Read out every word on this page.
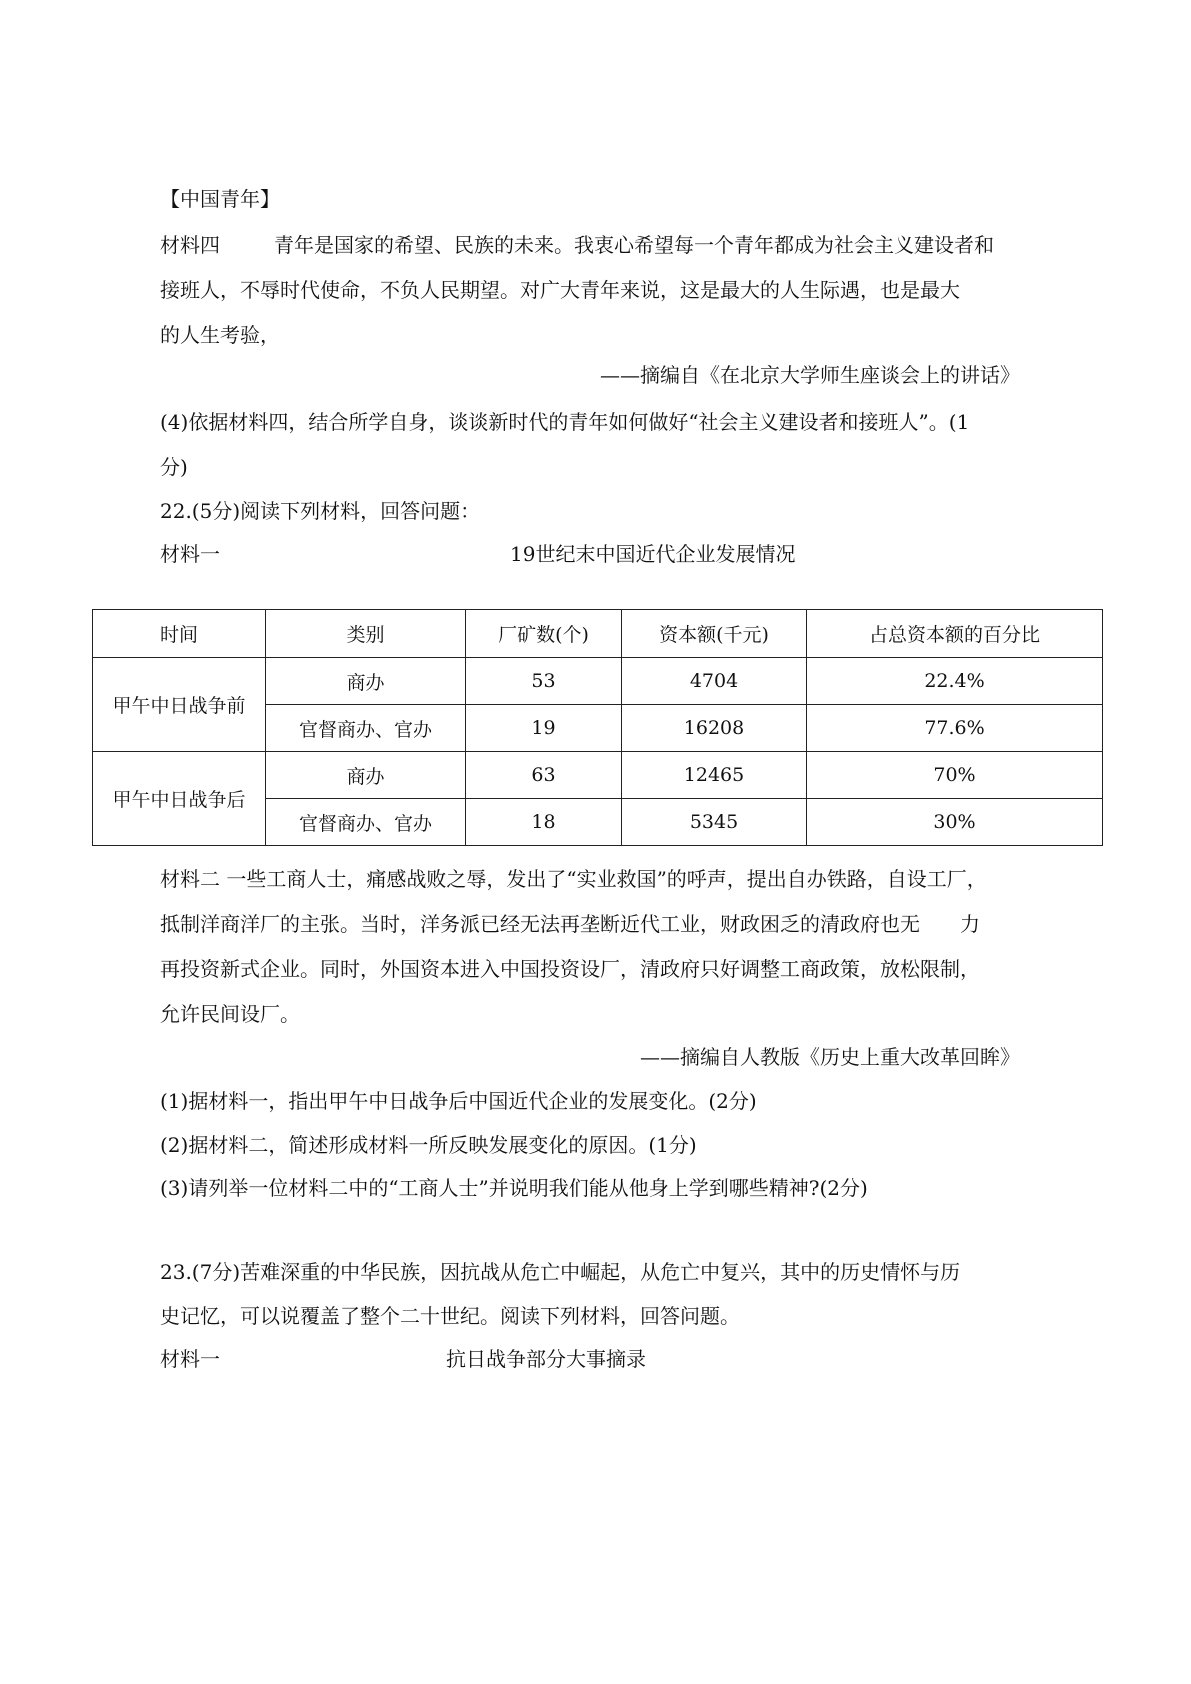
【中国青年】
材料四	青年是国家的希望、民族的未来。我衷心希望每一个青年都成为社会主义建设者和
接班人，不辱时代使命，不负人民期望。对广大青年来说，这是最大的人生际遇，也是最大
的人生考验，
——摘编自《在北京大学师生座谈会上的讲话》
(4)依据材料四，结合所学自身，谈谈新时代的青年如何做好“社会主义建设者和接班人”。(1
分)
22.(5分)阅读下列材料，回答问题：
材料一	19世纪末中国近代企业发展情况
时间	类别	厂矿数(个)	资本额(千元)	占总资本额的百分比
甲午中日战争前	商办	53	4704	22.4%
	官督商办、官办	19	16208	77.6%
甲午中日战争后	商办	63	12465	70%
	官督商办、官办	18	5345	30%
材料二 一些工商人士，痛感战败之辱，发出了“实业救国”的呼声，提出自办铁路，自设工厂，
抵制洋商洋厂的主张。当时，洋务派已经无法再垄断近代工业，财政困乏的清政府也无　　力
再投资新式企业。同时，外国资本进入中国投资设厂，清政府只好调整工商政策，放松限制，
允许民间设厂。
——摘编自人教版《历史上重大改革回眸》
(1)据材料一，指出甲午中日战争后中国近代企业的发展变化。(2分)
(2)据材料二，简述形成材料一所反映发展变化的原因。(1分)
(3)请列举一位材料二中的“工商人士”并说明我们能从他身上学到哪些精神?(2分)
23.(7分)苦难深重的中华民族，因抗战从危亡中崛起，从危亡中复兴，其中的历史情怀与历
史记忆，可以说覆盖了整个二十世纪。阅读下列材料，回答问题。
材料一	抗日战争部分大事摘录
